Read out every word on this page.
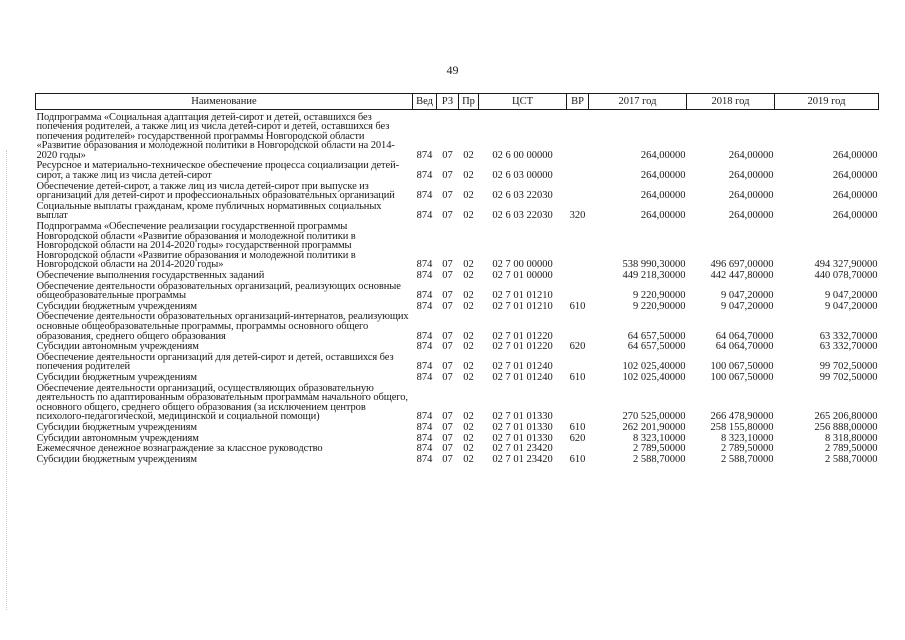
49
Наименование	Вед	РЗ	Пр	ЦСТ	ВР	2017 год	2018 год	2019 год

Подпрограмма «Социальная адаптация детей-сирот и детей, оставшихся без попечения родителей, а также лиц из числа детей-сирот и детей, оставшихся без попечения родителей» государственной программы Новгородской области «Развитие образования и молодежной политики в Новгородской области на 2014-2020 годы»	874	07	02	02 6 00 00000		264,00000	264,00000	264,00000
Ресурсное и материально-техническое обеспечение процесса социализации детей-сирот, а также лиц из числа детей-сирот	874	07	02	02 6 03 00000		264,00000	264,00000	264,00000
Обеспечение детей-сирот, а также лиц из числа детей-сирот при выпуске из организаций для детей-сирот и профессиональных образовательных организаций	874	07	02	02 6 03 22030		264,00000	264,00000	264,00000
Социальные выплаты гражданам, кроме публичных нормативных социальных выплат	874	07	02	02 6 03 22030	320	264,00000	264,00000	264,00000
Подпрограмма «Обеспечение реализации государственной программы Новгородской области «Развитие образования и молодежной политики в Новгородской области на 2014-2020 годы» государственной программы Новгородской области «Развитие образования и молодежной политики в Новгородской области на 2014-2020 годы»	874	07	02	02 7 00 00000		538 990,30000	496 697,00000	494 327,90000
Обеспечение выполнения государственных заданий	874	07	02	02 7 01 00000		449 218,30000	442 447,80000	440 078,70000
Обеспечение деятельности образовательных организаций, реализующих основные общеобразовательные программы	874	07	02	02 7 01 01210		9 220,90000	9 047,20000	9 047,20000
Субсидии бюджетным учреждениям	874	07	02	02 7 01 01210	610	9 220,90000	9 047,20000	9 047,20000
Обеспечение деятельности образовательных организаций-интернатов, реализующих основные общеобразовательные программы, программы основного общего образования, среднего общего образования	874	07	02	02 7 01 01220		64 657,50000	64 064,70000	63 332,70000
Субсидии автономным учреждениям	874	07	02	02 7 01 01220	620	64 657,50000	64 064,70000	63 332,70000
Обеспечение деятельности организаций для детей-сирот и детей, оставшихся без попечения родителей	874	07	02	02 7 01 01240		102 025,40000	100 067,50000	99 702,50000
Субсидии бюджетным учреждениям	874	07	02	02 7 01 01240	610	102 025,40000	100 067,50000	99 702,50000
Обеспечение деятельности организаций, осуществляющих образовательную деятельность по адаптированным образовательным программам начального общего, основного общего, среднего общего образования (за исключением центров психолого-педагогической, медицинской и социальной помощи)	874	07	02	02 7 01 01330		270 525,00000	266 478,90000	265 206,80000
Субсидии бюджетным учреждениям	874	07	02	02 7 01 01330	610	262 201,90000	258 155,80000	256 888,00000
Субсидии автономным учреждениям	874	07	02	02 7 01 01330	620	8 323,10000	8 323,10000	8 318,80000
Ежемесячное денежное вознаграждение за классное руководство	874	07	02	02 7 01 23420		2 789,50000	2 789,50000	2 789,50000
Субсидии бюджетным учреждениям	874	07	02	02 7 01 23420	610	2 588,70000	2 588,70000	2 588,70000
